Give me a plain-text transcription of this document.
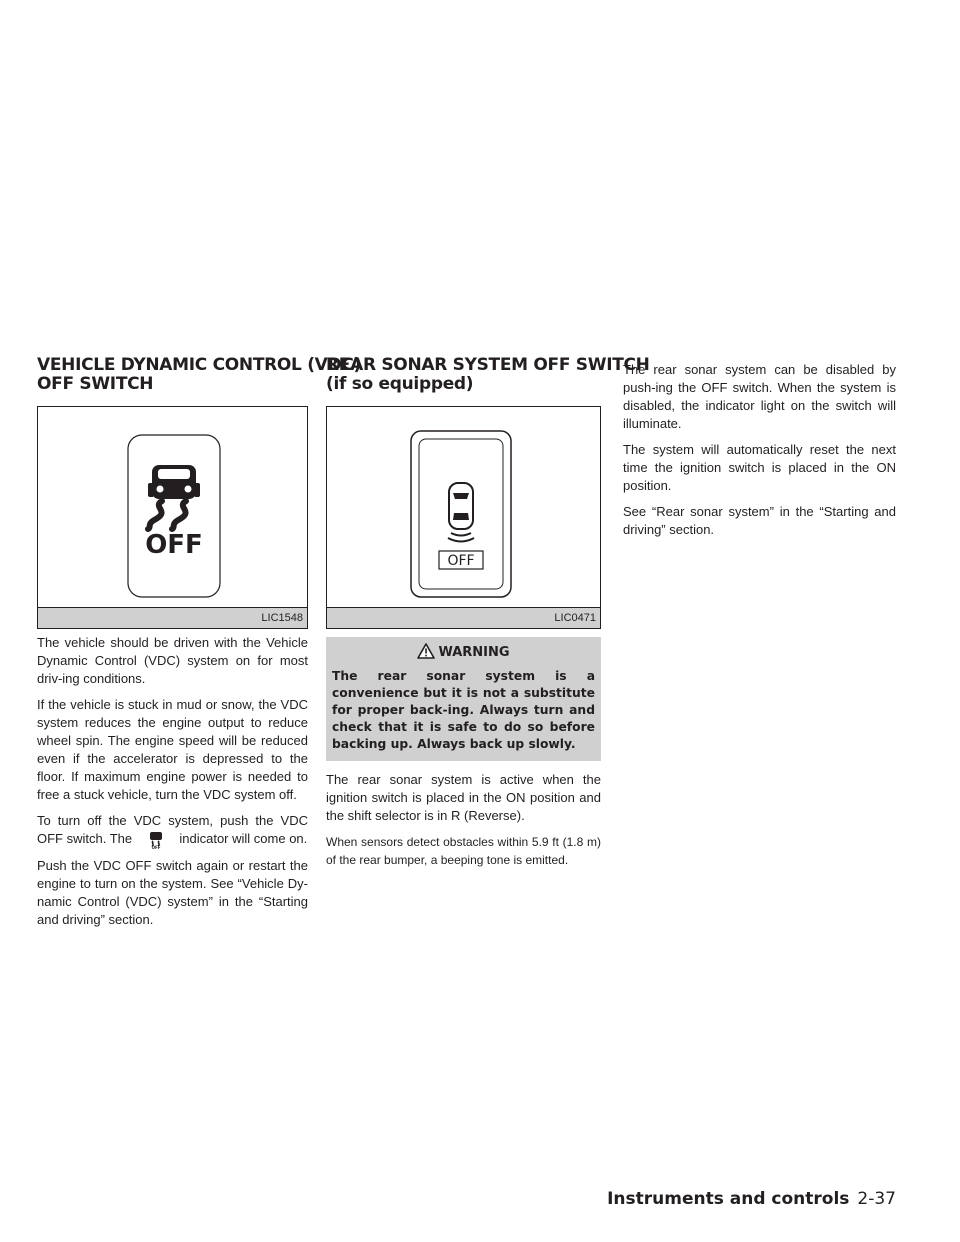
VEHICLE DYNAMIC CONTROL (VDC)
OFF SWITCH
REAR SONAR SYSTEM OFF SWITCH
(if so equipped)
OFF
LIC1548
OFF
LIC0471

The vehicle should be driven with the Vehicle Dynamic Control (VDC) system on for most driv-ing conditions.

If the vehicle is stuck in mud or snow, the VDC system reduces the engine output to reduce wheel spin. The engine speed will be reduced even if the accelerator is depressed to the floor. If maximum engine power is needed to free a stuck vehicle, turn the VDC system off.

To turn off the VDC system, push the VDC OFF switch. The
OFF
indicator will come on.

Push the VDC OFF switch again or restart the engine to turn on the system. See “Vehicle Dy-namic Control (VDC) system” in the “Starting and driving” section.

WARNING
The rear sonar system is a convenience but it is not a substitute for proper back-ing. Always turn and check that it is safe to do so before backing up. Always back up slowly.

The rear sonar system is active when the ignition switch is placed in the ON position and the shift selector is in R (Reverse).

When sensors detect obstacles within 5.9 ft (1.8 m) of the rear bumper, a beeping tone is emitted.

The rear sonar system can be disabled by push-ing the OFF switch. When the system is disabled, the indicator light on the switch will illuminate.

The system will automatically reset the next time the ignition switch is placed in the ON position.

See “Rear sonar system” in the “Starting and driving” section.

Instruments and controls 2-37
